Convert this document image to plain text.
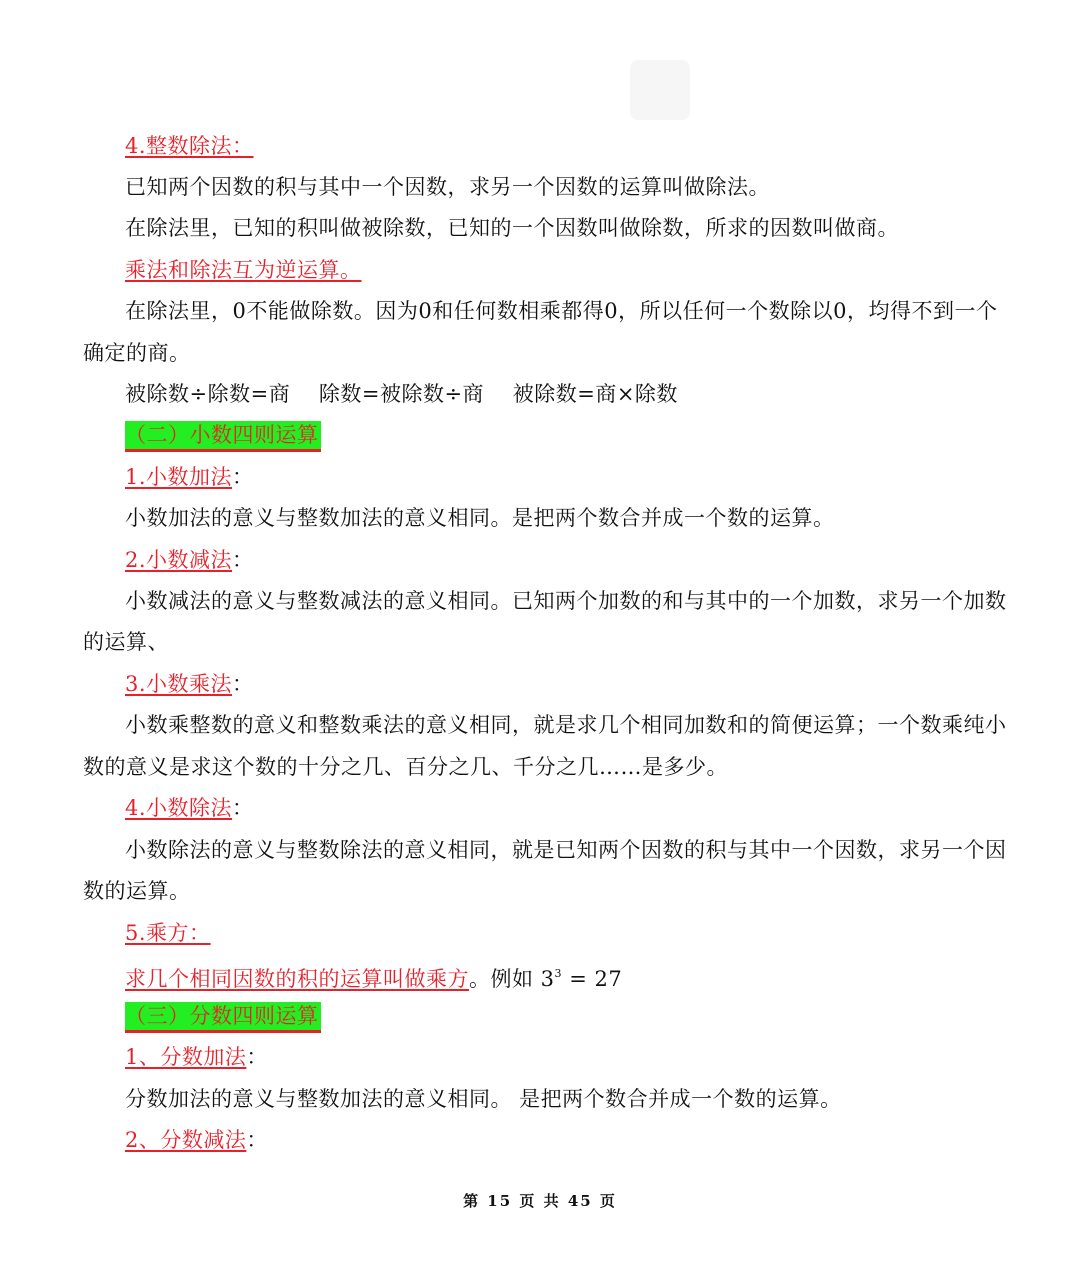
4.整数除法：
已知两个因数的积与其中一个因数，求另一个因数的运算叫做除法。
在除法里，已知的积叫做被除数，已知的一个因数叫做除数，所求的因数叫做商。
乘法和除法互为逆运算。
在除法里，0不能做除数。因为0和任何数相乘都得0，所以任何一个数除以0，均得不到一个
确定的商。
被除数÷除数=商　 除数=被除数÷商　 被除数=商×除数
（二）小数四则运算
1.小数加法：
小数加法的意义与整数加法的意义相同。是把两个数合并成一个数的运算。
2.小数减法：
小数减法的意义与整数减法的意义相同。已知两个加数的和与其中的一个加数，求另一个加数
的运算、
3.小数乘法：
小数乘整数的意义和整数乘法的意义相同，就是求几个相同加数和的简便运算；一个数乘纯小
数的意义是求这个数的十分之几、百分之几、千分之几……是多少。
4.小数除法：
小数除法的意义与整数除法的意义相同，就是已知两个因数的积与其中一个因数，求另一个因
数的运算。
5.乘方：
求几个相同因数的积的运算叫做乘方。例如 $3^3 = 27$
（三）分数四则运算
1、分数加法：
分数加法的意义与整数加法的意义相同。 是把两个数合并成一个数的运算。
2、分数减法：
第 15 页 共 45 页
